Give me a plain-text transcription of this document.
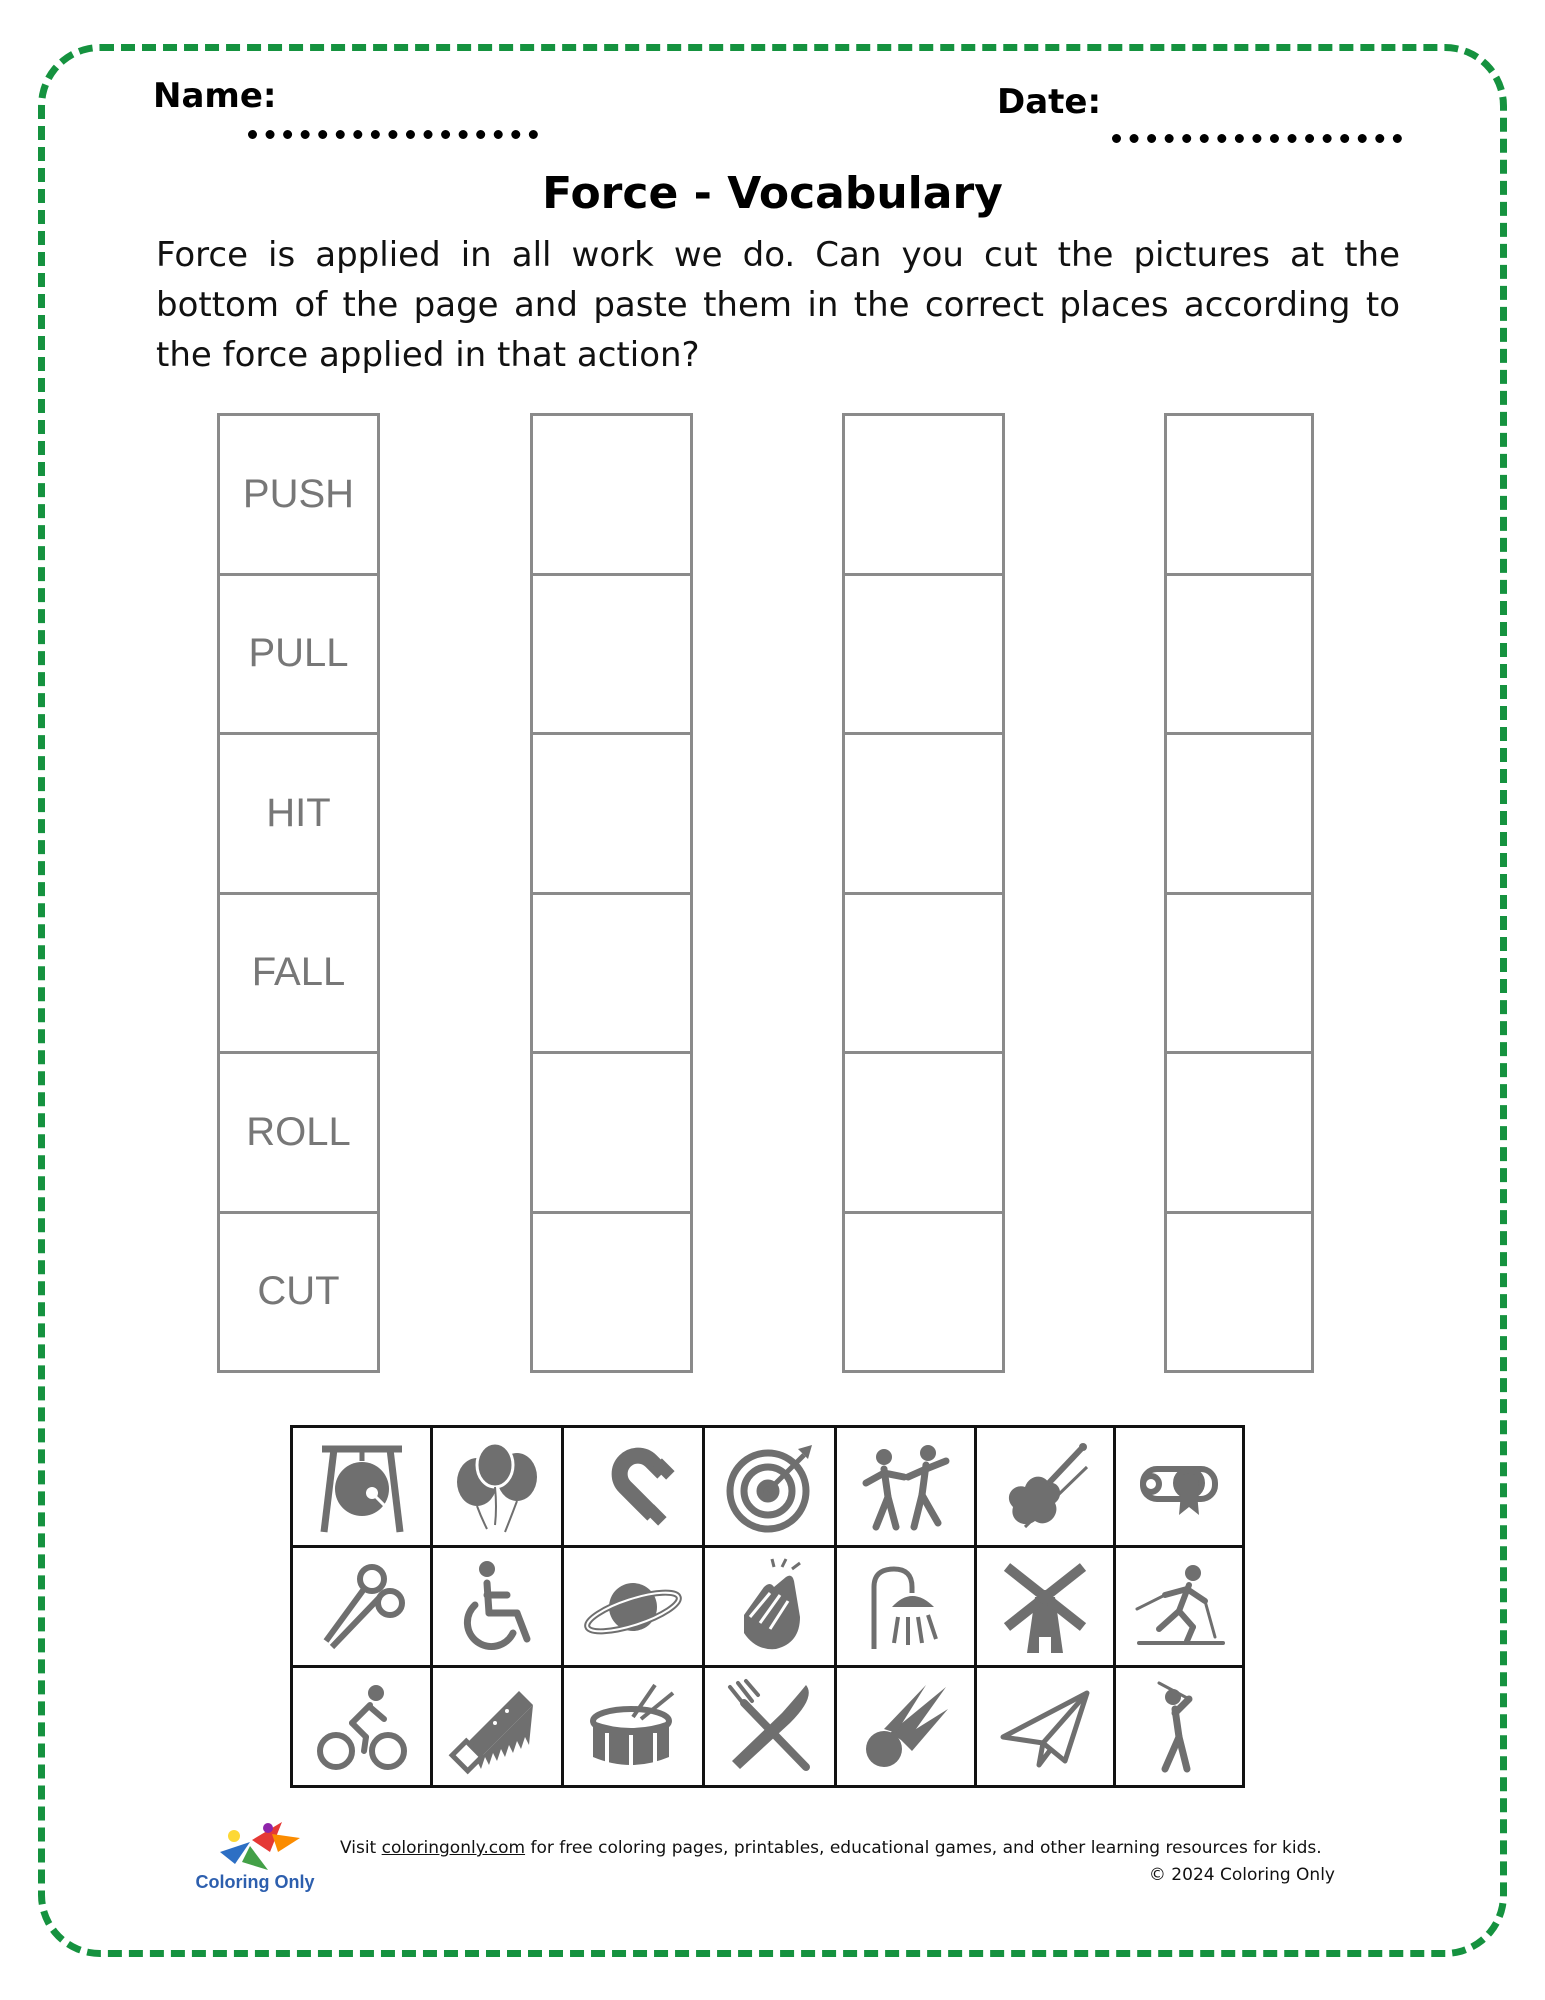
Name:	Date:
Force - Vocabulary
Force is applied in all work we do. Can you cut the pictures at the bottom of the page and paste them in the correct places according to the force applied in that action?
PUSH
PULL
HIT
FALL
ROLL
CUT
Coloring Only
Visit coloringonly.com for free coloring pages, printables, educational games, and other learning resources for kids.
© 2024 Coloring Only
